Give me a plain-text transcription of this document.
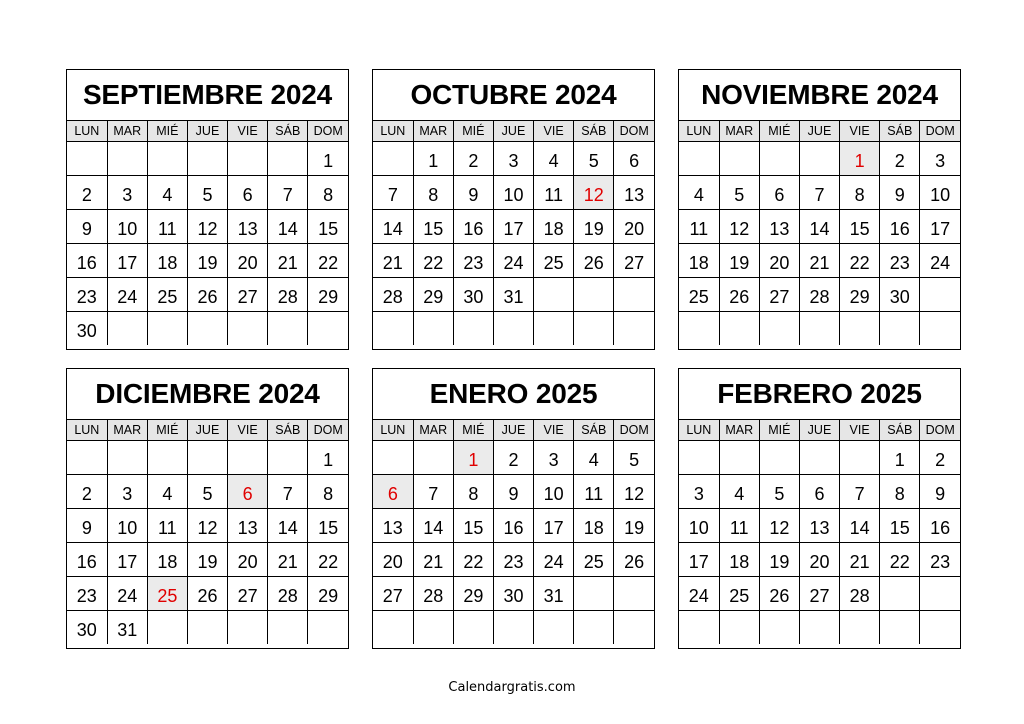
SEPTIEMBRE 2024
LUN	MAR	MIÉ	JUE	VIE	SÁB	DOM

						1

2	3	4	5	6	7	8

9	10	11	12	13	14	15

16	17	18	19	20	21	22

23	24	25	26	27	28	29

30						

OCTUBRE 2024
LUN	MAR	MIÉ	JUE	VIE	SÁB	DOM

	1	2	3	4	5	6

7	8	9	10	11	12	13

14	15	16	17	18	19	20

21	22	23	24	25	26	27

28	29	30	31			

NOVIEMBRE 2024
LUN	MAR	MIÉ	JUE	VIE	SÁB	DOM

				1	2	3

4	5	6	7	8	9	10

11	12	13	14	15	16	17

18	19	20	21	22	23	24

25	26	27	28	29	30	

DICIEMBRE 2024
LUN	MAR	MIÉ	JUE	VIE	SÁB	DOM

						1

2	3	4	5	6	7	8

9	10	11	12	13	14	15

16	17	18	19	20	21	22

23	24	25	26	27	28	29

30	31					

ENERO 2025
LUN	MAR	MIÉ	JUE	VIE	SÁB	DOM

		1	2	3	4	5

6	7	8	9	10	11	12

13	14	15	16	17	18	19

20	21	22	23	24	25	26

27	28	29	30	31		

FEBRERO 2025
LUN	MAR	MIÉ	JUE	VIE	SÁB	DOM

					1	2

3	4	5	6	7	8	9

10	11	12	13	14	15	16

17	18	19	20	21	22	23

24	25	26	27	28		

Calendargratis.com
